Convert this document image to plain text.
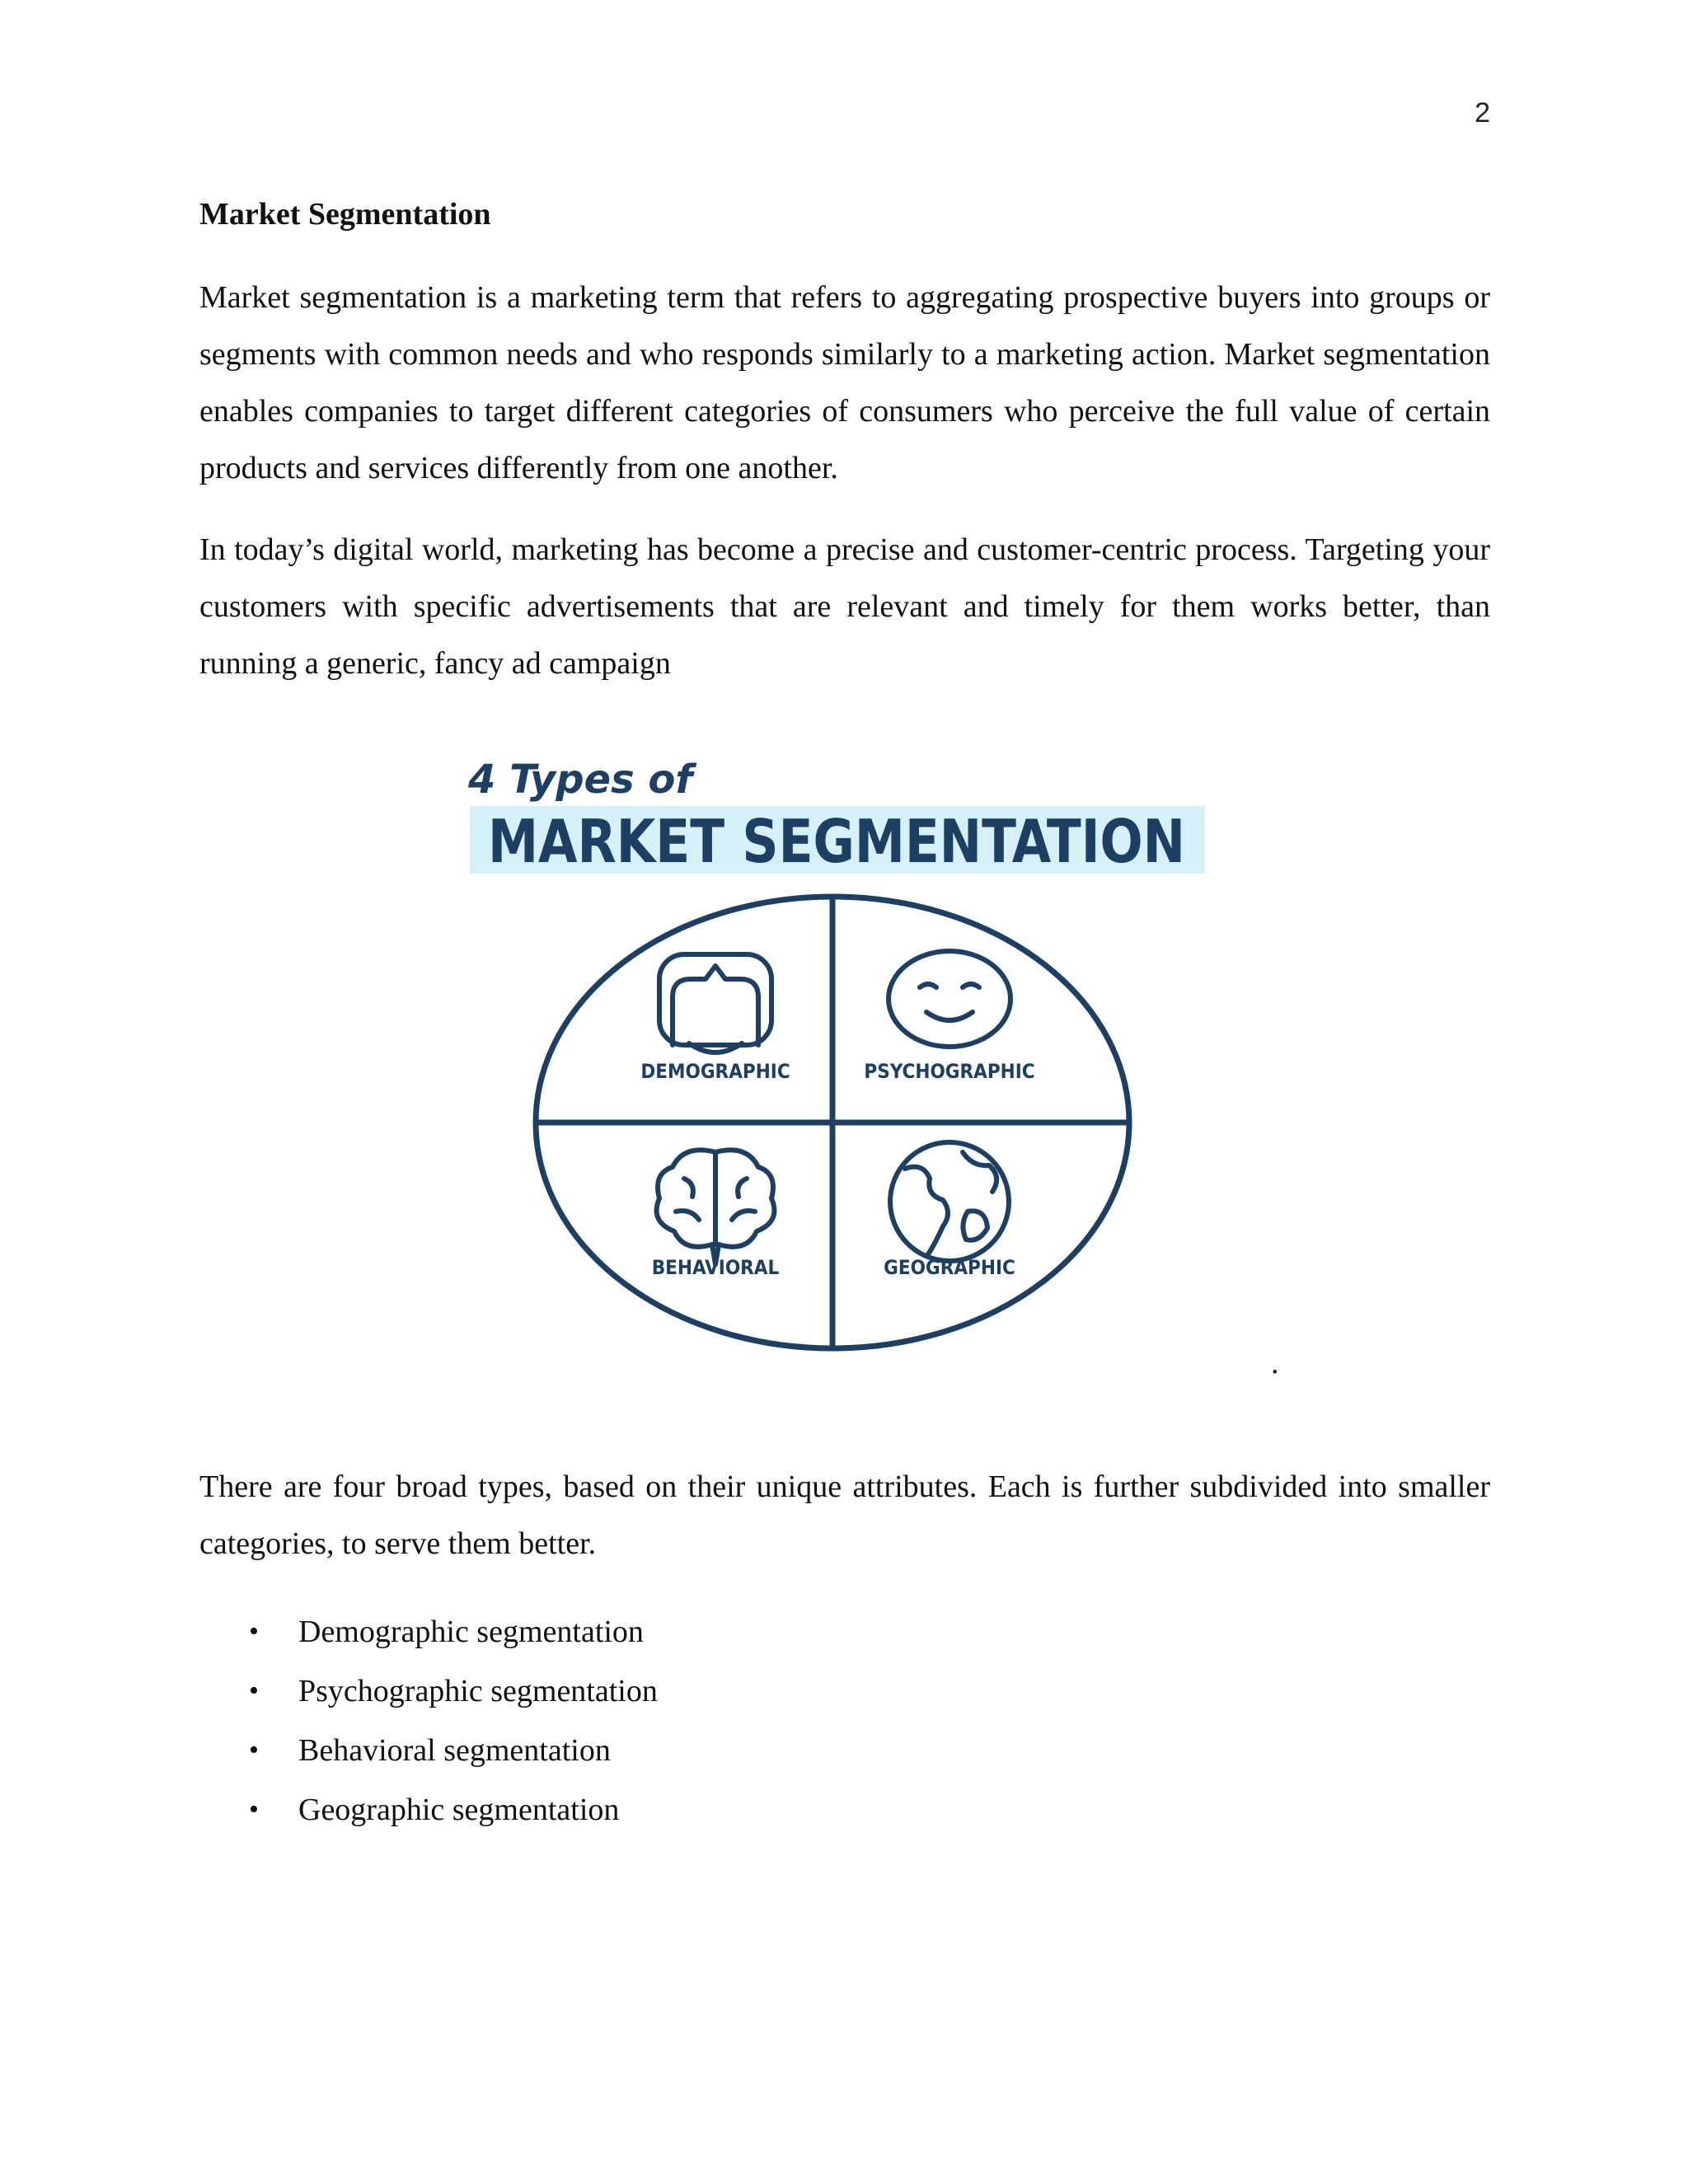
2
Market Segmentation

Market segmentation is a marketing term that refers to aggregating prospective buyers into groups or segments with common needs and who responds similarly to a marketing action. Market segmentation enables companies to target different categories of consumers who perceive the full value of certain products and services differently from one another.

In today’s digital world, marketing has become a precise and customer-centric process. Targeting your customers with specific advertisements that are relevant and timely for them works better, than running a generic, fancy ad campaign

4 Types of
MARKET SEGMENTATION
DEMOGRAPHIC	PSYCHOGRAPHIC
BEHAVIORAL	GEOGRAPHIC
.

There are four broad types, based on their unique attributes. Each is further subdivided into smaller categories, to serve them better.

• Demographic segmentation
• Psychographic segmentation
• Behavioral segmentation
• Geographic segmentation
